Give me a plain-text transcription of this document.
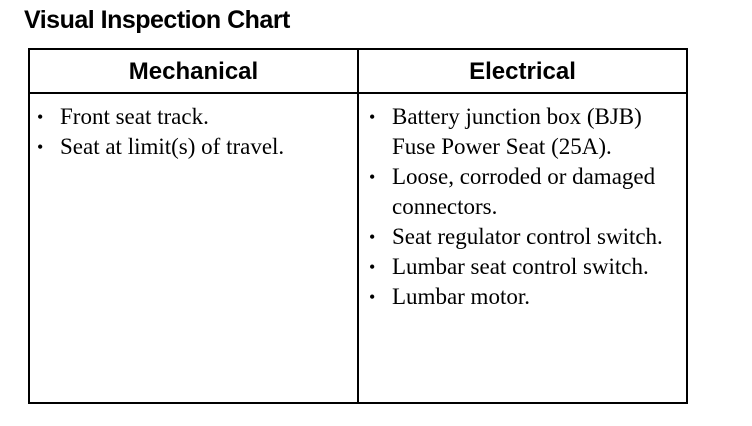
Visual Inspection Chart
Mechanical	Electrical
• Front seat track.
• Seat at limit(s) of travel.
• Battery junction box (BJB) Fuse Power Seat (25A).
• Loose, corroded or damaged connectors.
• Seat regulator control switch.
• Lumbar seat control switch.
• Lumbar motor.
